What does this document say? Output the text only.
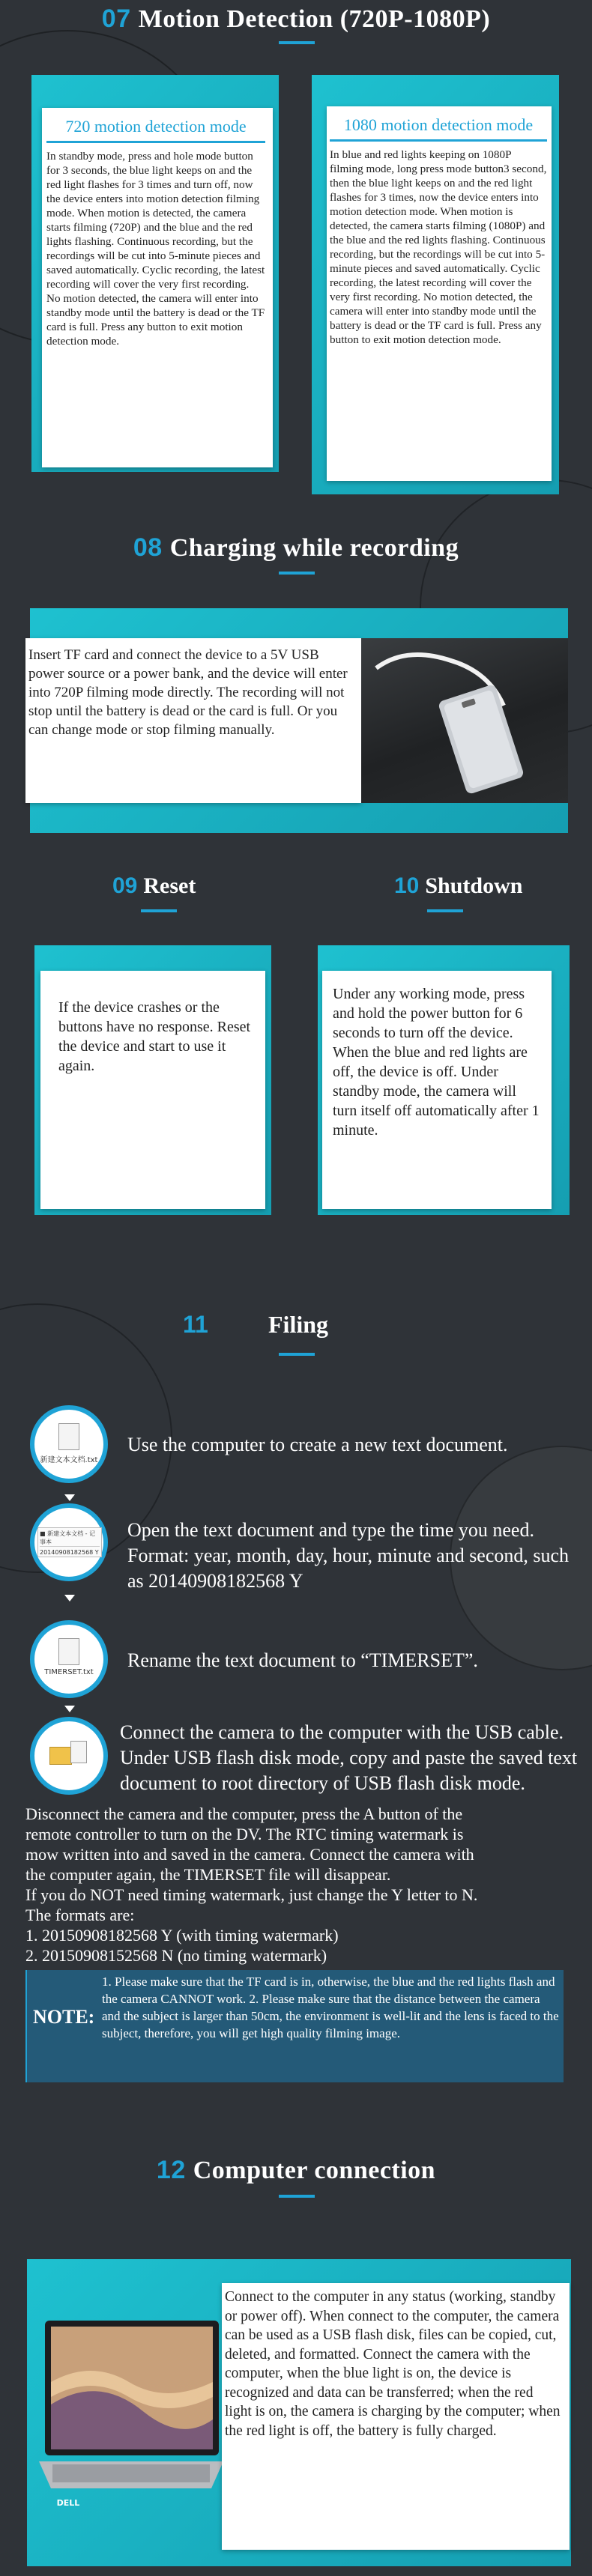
07 Motion Detection (720P-1080P)
720 motion detection mode
In standby mode, press and hole mode button for 3 seconds, the blue light keeps on and the red light flashes for 3 times and turn off, now the device enters into motion detection filming mode. When motion is detected, the camera starts filming (720P) and the blue and the red lights flashing. Continuous recording, but the recordings will be cut into 5-minute pieces and saved automatically. Cyclic recording, the latest recording will cover the very first recording. No motion detected, the camera will enter into standby mode until the battery is dead or the TF card is full. Press any button to exit motion detection mode.
1080 motion detection mode
In blue and red lights keeping on 1080P filming mode, long press mode button3 second, then the blue light keeps on and the red light flashes for 3 times, now the device enters into motion detection mode. When motion is detected, the camera starts filming (1080P) and the blue and the red lights flashing. Continuous recording, but the recordings will be cut into 5-minute pieces and saved automatically. Cyclic recording, the latest recording will cover the very first recording. No motion detected, the camera will enter into standby mode until the battery is dead or the TF card is full. Press any button to exit motion detection mode.
08 Charging while recording
Insert TF card and connect the device to a 5V USB power source or a power bank, and the device will enter into 720P filming mode directly. The recording will not stop until the battery is dead or the card is full. Or you can change mode or stop filming manually.
09 Reset	10 Shutdown
If the device crashes or the buttons have no response. Reset the device and start to use it again.
Under any working mode, press and hold the power button for 6 seconds to turn off the device. When the blue and red lights are off, the device is off. Under standby mode, the camera will turn itself off automatically after 1 minute.
11	Filing
新建文本文档.txt
Use the computer to create a new text document.
■ 新建文本文档 - 记事本
20140908182568 Y
Open the text document and type the time you need. Format: year, month, day, hour, minute and second, such as 20140908182568 Y
TIMERSET.txt
Rename the text document to “TIMERSET”.
Connect the camera to the computer with the USB cable. Under USB flash disk mode, copy and paste the saved text document to root directory of USB flash disk mode.
Disconnect the camera and the computer, press the A button of the
remote controller to turn on the DV. The RTC timing watermark is
mow written into and saved in the camera. Connect the camera with
the computer again, the TIMERSET file will disappear.
If you do NOT need timing watermark, just change the Y letter to N.
The formats are:
1. 20150908182568 Y (with timing watermark)
2. 20150908152568 N (no timing watermark)
NOTE:
1. Please make sure that the TF card is in, otherwise, the blue and the red lights flash and the camera CANNOT work. 2. Please make sure that the distance between the camera and the subject is larger than 50cm, the environment is well-lit and the lens is faced to the subject, therefore, you will get high quality filming image.
12 Computer connection
DELL
Connect to the computer in any status (working, standby or power off). When connect to the computer, the camera can be used as a USB flash disk, files can be copied, cut, deleted, and formatted. Connect the camera with the computer, when the blue light is on, the device is recognized and data can be transferred; when the red light is on, the camera is charging by the computer; when the red light is off, the battery is fully charged.
